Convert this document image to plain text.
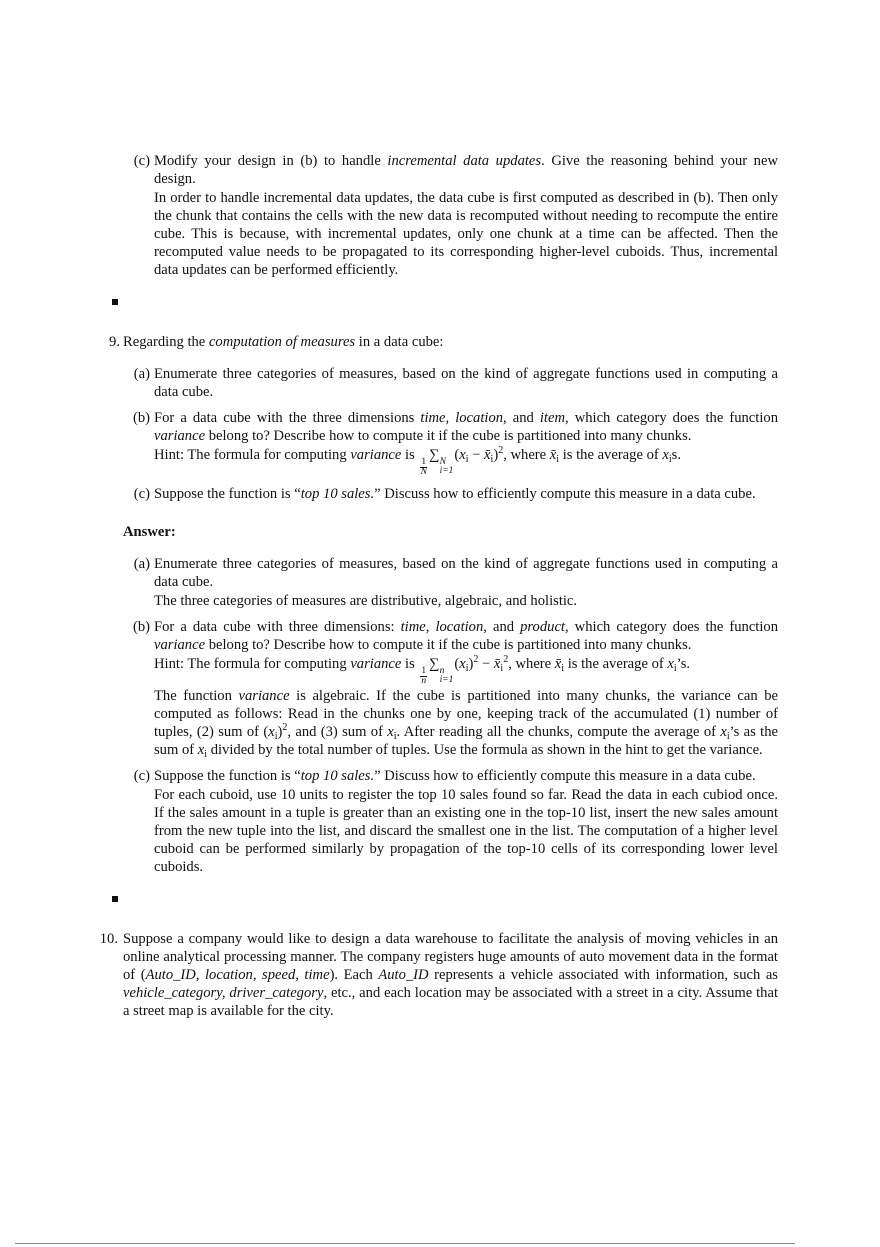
(c) Modify your design in (b) to handle incremental data updates. Give the reasoning behind your new design.
In order to handle incremental data updates, the data cube is first computed as described in (b). Then only the chunk that contains the cells with the new data is recomputed without needing to recompute the entire cube. This is because, with incremental updates, only one chunk at a time can be affected. Then the recomputed value needs to be propagated to its corresponding higher-level cuboids. Thus, incremental data updates can be performed efficiently.
9. Regarding the computation of measures in a data cube:
(a) Enumerate three categories of measures, based on the kind of aggregate functions used in computing a data cube.
(b) For a data cube with the three dimensions time, location, and item, which category does the function variance belong to? Describe how to compute it if the cube is partitioned into many chunks.
Hint: The formula for computing variance is
$\frac{1}{N}$
∑ N
i=1
($x_i$ − $x̄_i)^2$, where $x̄_i$ is the average of $x_is$.
(c) Suppose the function is “top 10 sales.” Discuss how to efficiently compute this measure in a data cube.
Answer:
(a) Enumerate three categories of measures, based on the kind of aggregate functions used in computing a data cube.
The three categories of measures are distributive, algebraic, and holistic.
(b) For a data cube with three dimensions: time, location, and product, which category does the function variance belong to? Describe how to compute it if the cube is partitioned into many chunks.
Hint: The formula for computing variance is
$\frac{1}{n}$
∑ n
i=1
$(x_i)^2$ − $x̄_i^2$, where $x̄_i$ is the average of $x_i’s$.
The function variance is algebraic. If the cube is partitioned into many chunks, the variance can be computed as follows: Read in the chunks one by one, keeping track of the accumulated (1) number of tuples, (2) sum of $(x_i)^2$, and (3) sum of $x_i$. After reading all the chunks, compute the average of $x_i’s$ as the sum of $x_i$ divided by the total number of tuples. Use the formula as shown in the hint to get the variance.
(c) Suppose the function is “top 10 sales.” Discuss how to efficiently compute this measure in a data cube.
For each cuboid, use 10 units to register the top 10 sales found so far. Read the data in each cubiod once. If the sales amount in a tuple is greater than an existing one in the top-10 list, insert the new sales amount from the new tuple into the list, and discard the smallest one in the list. The computation of a higher level cuboid can be performed similarly by propagation of the top-10 cells of its corresponding lower level cuboids.
10. Suppose a company would like to design a data warehouse to facilitate the analysis of moving vehicles in an online analytical processing manner. The company registers huge amounts of auto movement data in the format of (Auto_ID, location, speed, time). Each Auto_ID represents a vehicle associated with information, such as vehicle_category, driver_category, etc., and each location may be associated with a street in a city. Assume that a street map is available for the city.
